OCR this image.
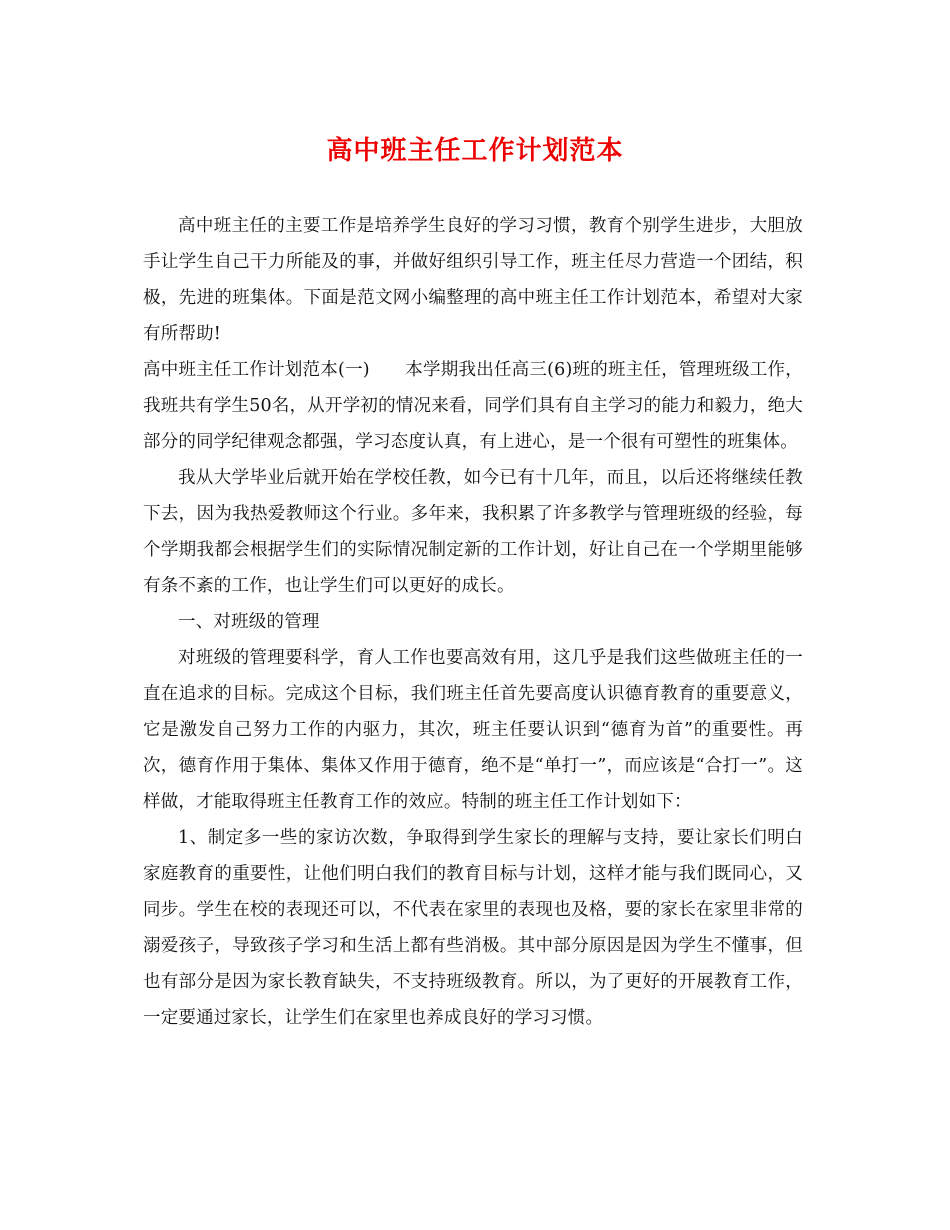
高中班主任工作计划范本

高中班主任的主要工作是培养学生良好的学习习惯，教育个别学生进步，大胆放手让学生自己干力所能及的事，并做好组织引导工作，班主任尽力营造一个团结，积极，先进的班集体。下面是范文网小编整理的高中班主任工作计划范本，希望对大家有所帮助!

高中班主任工作计划范本(一)　　本学期我出任高三(6)班的班主任，管理班级工作，我班共有学生50名，从开学初的情况来看，同学们具有自主学习的能力和毅力，绝大部分的同学纪律观念都强，学习态度认真，有上进心，是一个很有可塑性的班集体。

我从大学毕业后就开始在学校任教，如今已有十几年，而且，以后还将继续任教下去，因为我热爱教师这个行业。多年来，我积累了许多教学与管理班级的经验，每个学期我都会根据学生们的实际情况制定新的工作计划，好让自己在一个学期里能够有条不紊的工作，也让学生们可以更好的成长。

一、对班级的管理

对班级的管理要科学，育人工作也要高效有用，这几乎是我们这些做班主任的一直在追求的目标。完成这个目标，我们班主任首先要高度认识德育教育的重要意义，它是激发自己努力工作的内驱力，其次，班主任要认识到“德育为首”的重要性。再次，德育作用于集体、集体又作用于德育，绝不是“单打一”，而应该是“合打一”。这样做，才能取得班主任教育工作的效应。特制的班主任工作计划如下：

1、制定多一些的家访次数，争取得到学生家长的理解与支持，要让家长们明白家庭教育的重要性，让他们明白我们的教育目标与计划，这样才能与我们既同心，又同步。学生在校的表现还可以，不代表在家里的表现也及格，要的家长在家里非常的溺爱孩子，导致孩子学习和生活上都有些消极。其中部分原因是因为学生不懂事，但也有部分是因为家长教育缺失，不支持班级教育。所以，为了更好的开展教育工作，一定要通过家长，让学生们在家里也养成良好的学习习惯。
